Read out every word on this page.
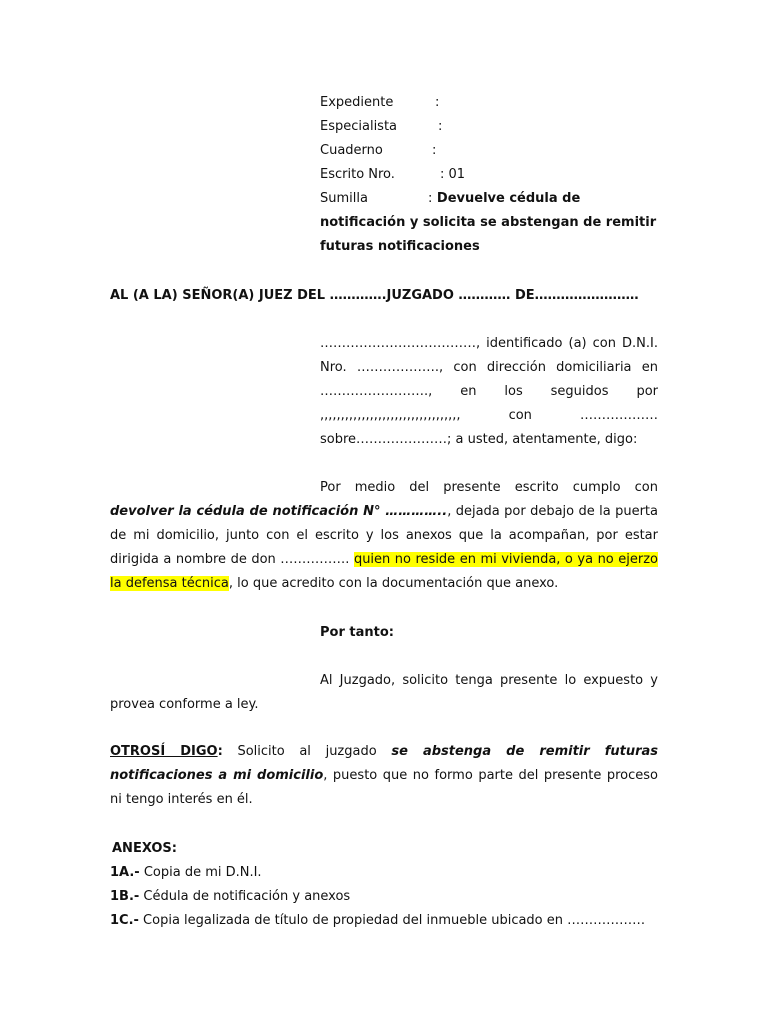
Expediente	:
Especialista	:
Cuaderno	:
Escrito Nro.	: 01
Sumilla	: Devuelve cédula de notificación y solicita se abstengan de remitir futuras notificaciones
AL (A LA) SEÑOR(A) JUEZ DEL ………….JUZGADO ………… DE……………………
………………………………, identificado (a) con D.N.I. Nro. ………………., con dirección domiciliaria en ……………………., en los seguidos por ,,,,,,,,,,,,,,,,,,,,,,,,,,,,,,,,,, con ……………… sobre…………………; a usted, atentamente, digo:
Por medio del presente escrito cumplo con devolver la cédula de notificación N° ………….., dejada por debajo de la puerta de mi domicilio, junto con el escrito y los anexos que la acompañan, por estar dirigida a nombre de don ……………. quien no reside en mi vivienda, o ya no ejerzo la defensa técnica, lo que acredito con la documentación que anexo.
Por tanto:
Al Juzgado, solicito tenga presente lo expuesto y provea conforme a ley.
OTROSÍ DIGO: Solicito al juzgado se abstenga de remitir futuras notificaciones a mi domicilio, puesto que no formo parte del presente proceso ni tengo interés en él.
ANEXOS:
1A.- Copia de mi D.N.I.
1B.- Cédula de notificación y anexos
1C.- Copia legalizada de título de propiedad del inmueble ubicado en ………………
